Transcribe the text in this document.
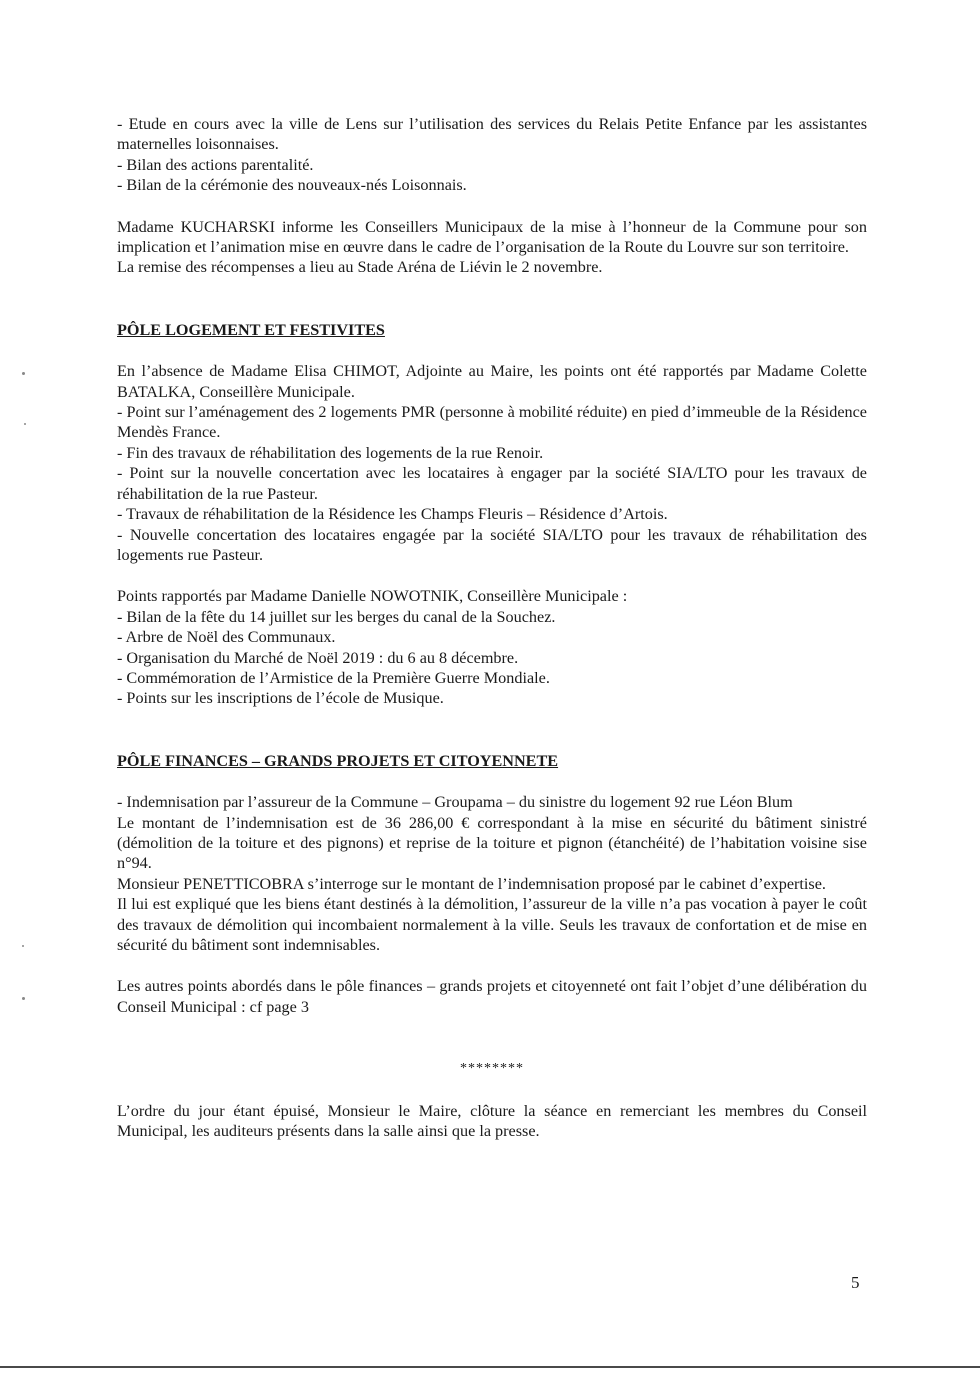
- Etude en cours avec la ville de Lens sur l’utilisation des services du Relais Petite Enfance par les assistantes maternelles loisonnaises.

- Bilan des actions parentalité.

- Bilan de la cérémonie des nouveaux-nés Loisonnais.

Madame KUCHARSKI informe les Conseillers Municipaux de la mise à l’honneur de la Commune pour son implication et l’animation mise en œuvre dans le cadre de l’organisation de la Route du Louvre sur son territoire.

La remise des récompenses a lieu au Stade Aréna de Liévin le 2 novembre.

PÔLE LOGEMENT ET FESTIVITES

En l’absence de Madame Elisa CHIMOT, Adjointe au Maire, les points ont été rapportés par Madame Colette BATALKA, Conseillère Municipale.

- Point sur l’aménagement des 2 logements PMR (personne à mobilité réduite) en pied d’immeuble de la Résidence Mendès France.

- Fin des travaux de réhabilitation des logements de la rue Renoir.

- Point sur la nouvelle concertation avec les locataires à engager par la société SIA/LTO pour les travaux de réhabilitation de la rue Pasteur.

- Travaux de réhabilitation de la Résidence les Champs Fleuris – Résidence d’Artois.

- Nouvelle concertation des locataires engagée par la société SIA/LTO pour les travaux de réhabilitation des logements rue Pasteur.

Points rapportés par Madame Danielle NOWOTNIK, Conseillère Municipale :

- Bilan de la fête du 14 juillet sur les berges du canal de la Souchez.

- Arbre de Noël des Communaux.

- Organisation du Marché de Noël 2019 : du 6 au 8 décembre.

- Commémoration de l’Armistice de la Première Guerre Mondiale.

- Points sur les inscriptions de l’école de Musique.

PÔLE FINANCES – GRANDS PROJETS ET CITOYENNETE

- Indemnisation par l’assureur de la Commune – Groupama – du sinistre du logement 92 rue Léon Blum

Le montant de l’indemnisation est de 36 286,00 € correspondant à la mise en sécurité du bâtiment sinistré (démolition de la toiture et des pignons) et reprise de la toiture et pignon (étanchéité) de l’habitation voisine sise n°94.

Monsieur PENETTICOBRA s’interroge sur le montant de l’indemnisation proposé par le cabinet d’expertise.

Il lui est expliqué que les biens étant destinés à la démolition, l’assureur de la ville n’a pas vocation à payer le coût des travaux de démolition qui incombaient normalement à la ville. Seuls les travaux de confortation et de mise en sécurité du bâtiment sont indemnisables.

Les autres points abordés dans le pôle finances – grands projets et citoyenneté ont fait l’objet d’une délibération du Conseil Municipal : cf page 3

********

L’ordre du jour étant épuisé, Monsieur le Maire, clôture la séance en remerciant les membres du Conseil Municipal, les auditeurs présents dans la salle ainsi que la presse.

5
